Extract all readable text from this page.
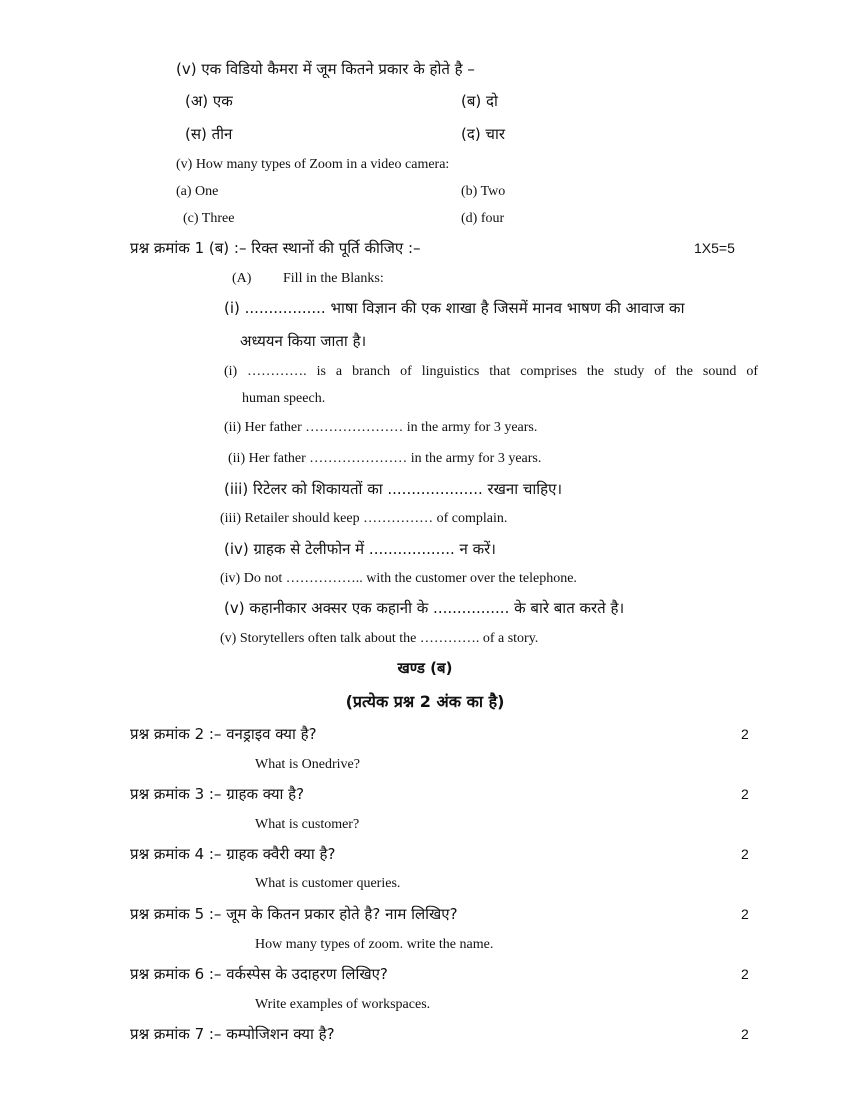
(v) एक विडियो कैमरा में जूम कितने प्रकार के होते है –
(अ) एक	(ब) दो
(स) तीन	(द) चार
(v) How many types of Zoom in a video camera:
(a) One	(b) Two
(c) Three	(d) four
प्रश्न क्रमांक 1 (ब) :– रिक्त स्थानों की पूर्ति कीजिए :–	1X5=5
(A) Fill in the Blanks:
(i) ................. भाषा विज्ञान की एक शाखा है जिसमें मानव भाषण की आवाज का
अध्ययन किया जाता है।
(i) …………. is a branch of linguistics that comprises the study of the sound of
human speech.
(ii) Her father ………………… in the army for 3 years.
(ii) Her father ………………… in the army for 3 years.
(iii) रिटेलर को शिकायतों का .................... रखना चाहिए।
(iii) Retailer should keep …………… of complain.
(iv) ग्राहक से टेलीफोन में .................. न करें।
(iv) Do not …………….. with the customer over the telephone.
(v) कहानीकार अक्सर एक कहानी के ................ के बारे बात करते है।
(v) Storytellers often talk about the …………. of a story.
खण्ड (ब)
(प्रत्येक प्रश्न 2 अंक का है)
प्रश्न क्रमांक 2 :– वनड्राइव क्या है?	2
What is Onedrive?
प्रश्न क्रमांक 3 :– ग्राहक क्या है?	2
What is customer?
प्रश्न क्रमांक 4 :– ग्राहक क्वैरी क्या है?	2
What is customer queries.
प्रश्न क्रमांक 5 :– जूम के कितन प्रकार होते है? नाम लिखिए?	2
How many types of zoom. write the name.
प्रश्न क्रमांक 6 :– वर्कस्पेस के उदाहरण लिखिए?	2
Write examples of workspaces.
प्रश्न क्रमांक 7 :– कम्पोजिशन क्या है?	2
